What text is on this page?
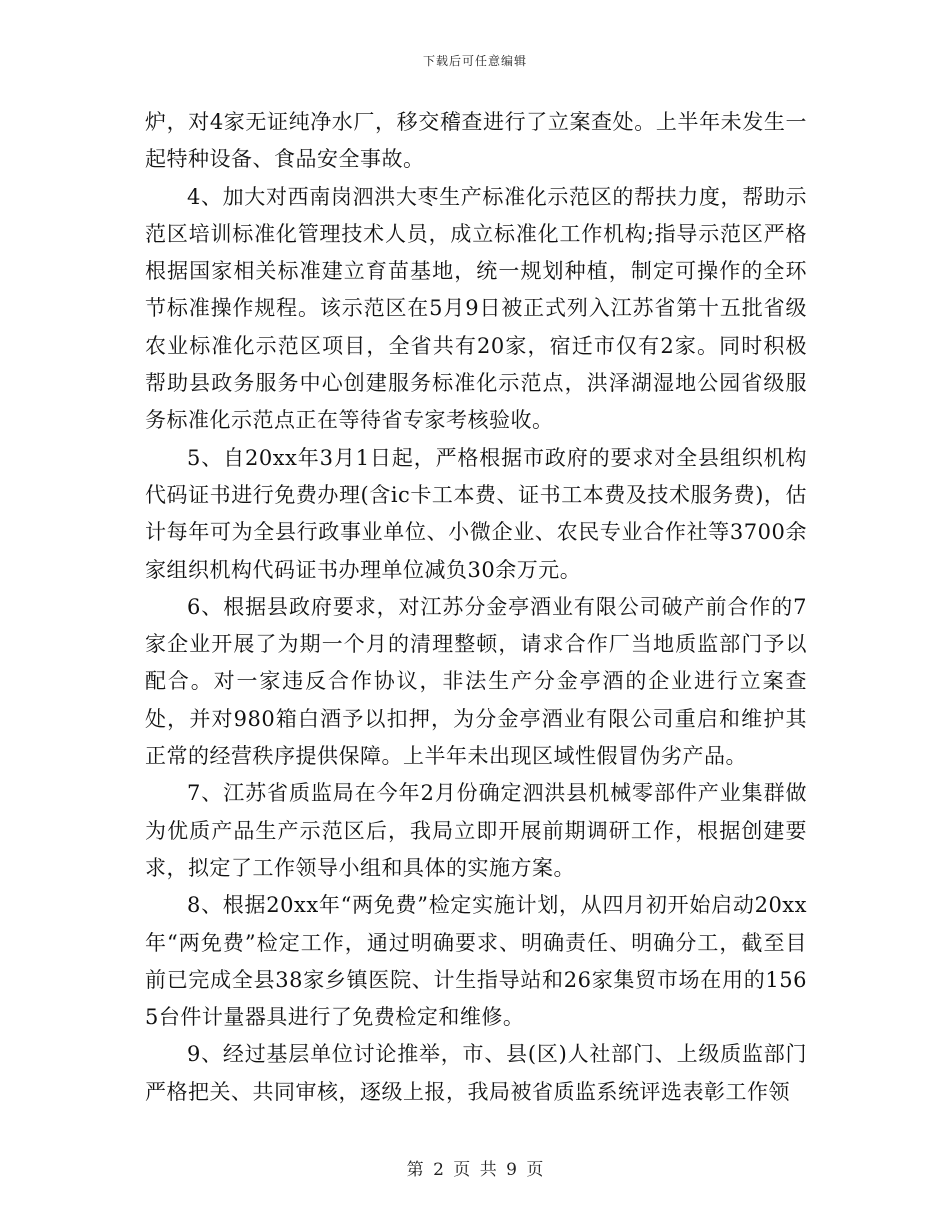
下载后可任意编辑

炉，对4家无证纯净水厂，移交稽查进行了立案查处。上半年未发生一起特种设备、食品安全事故。

4、加大对西南岗泗洪大枣生产标准化示范区的帮扶力度，帮助示范区培训标准化管理技术人员，成立标准化工作机构;指导示范区严格根据国家相关标准建立育苗基地，统一规划种植，制定可操作的全环节标准操作规程。该示范区在5月9日被正式列入江苏省第十五批省级农业标准化示范区项目，全省共有20家，宿迁市仅有2家。同时积极帮助县政务服务中心创建服务标准化示范点，洪泽湖湿地公园省级服务标准化示范点正在等待省专家考核验收。

5、自20xx年3月1日起，严格根据市政府的要求对全县组织机构代码证书进行免费办理(含ic卡工本费、证书工本费及技术服务费)，估计每年可为全县行政事业单位、小微企业、农民专业合作社等3700余家组织机构代码证书办理单位减负30余万元。

6、根据县政府要求，对江苏分金亭酒业有限公司破产前合作的7家企业开展了为期一个月的清理整顿，请求合作厂当地质监部门予以配合。对一家违反合作协议，非法生产分金亭酒的企业进行立案查处，并对980箱白酒予以扣押，为分金亭酒业有限公司重启和维护其正常的经营秩序提供保障。上半年未出现区域性假冒伪劣产品。

7、江苏省质监局在今年2月份确定泗洪县机械零部件产业集群做为优质产品生产示范区后，我局立即开展前期调研工作，根据创建要求，拟定了工作领导小组和具体的实施方案。

8、根据20xx年“两免费”检定实施计划，从四月初开始启动20xx年“两免费”检定工作，通过明确要求、明确责任、明确分工，截至目前已完成全县38家乡镇医院、计生指导站和26家集贸市场在用的1565台件计量器具进行了免费检定和维修。

9、经过基层单位讨论推举，市、县(区)人社部门、上级质监部门严格把关、共同审核，逐级上报，我局被省质监系统评选表彰工作领

第 2 页 共 9 页
